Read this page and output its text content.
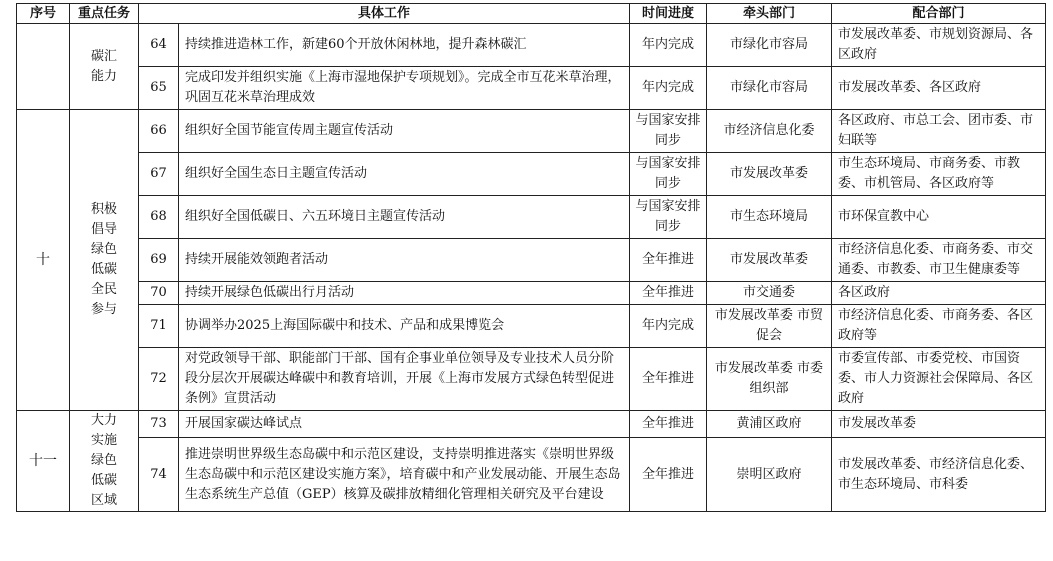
序号	重点任务	具体工作		时间进度	牵头部门	配合部门

	碳汇能力	64	持续推进造林工作，新建60个开放休闲林地，提升森林碳汇	年内完成	市绿化市容局	市发展改革委、市规划资源局、各区政府
		65	完成印发并组织实施《上海市湿地保护专项规划》。完成全市互花米草治理，巩固互花米草治理成效	年内完成	市绿化市容局	市发展改革委、各区政府
十	积极倡导绿色低碳全民参与	66	组织好全国节能宣传周主题宣传活动	与国家安排同步	市经济信息化委	各区政府、市总工会、团市委、市妇联等
		67	组织好全国生态日主题宣传活动	与国家安排同步	市发展改革委	市生态环境局、市商务委、市教委、市机管局、各区政府等
		68	组织好全国低碳日、六五环境日主题宣传活动	与国家安排同步	市生态环境局	市环保宣教中心
		69	持续开展能效领跑者活动	全年推进	市发展改革委	市经济信息化委、市商务委、市交通委、市教委、市卫生健康委等
		70	持续开展绿色低碳出行月活动	全年推进	市交通委	各区政府
		71	协调举办2025上海国际碳中和技术、产品和成果博览会	年内完成	市发展改革委 市贸促会	市经济信息化委、市商务委、各区政府等
		72	对党政领导干部、职能部门干部、国有企事业单位领导及专业技术人员分阶段分层次开展碳达峰碳中和教育培训，开展《上海市发展方式绿色转型促进条例》宣贯活动	全年推进	市发展改革委 市委组织部	市委宣传部、市委党校、市国资委、市人力资源社会保障局、各区政府
十一	大力实施绿色低碳区域	73	开展国家碳达峰试点	全年推进	黄浦区政府	市发展改革委
		74	推进崇明世界级生态岛碳中和示范区建设，支持崇明推进落实《崇明世界级生态岛碳中和示范区建设实施方案》，培育碳中和产业发展动能、开展生态岛生态系统生产总值（GEP）核算及碳排放精细化管理相关研究及平台建设	全年推进	崇明区政府	市发展改革委、市经济信息化委、市生态环境局、市科委
